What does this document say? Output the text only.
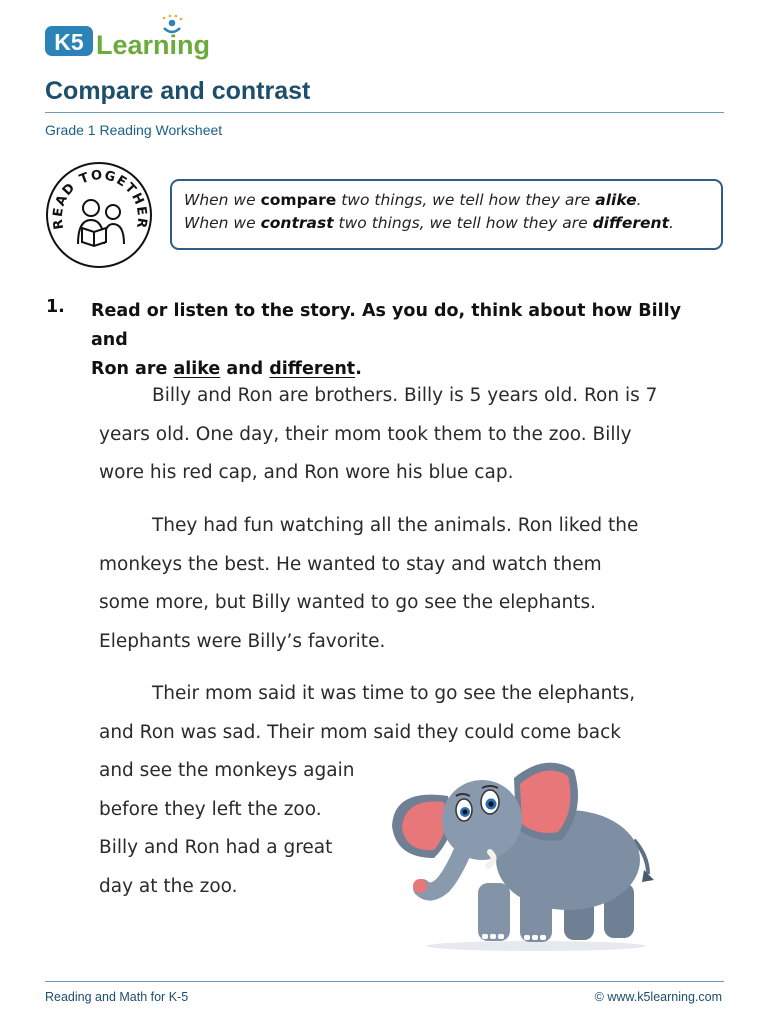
K5 Learning
Compare and contrast
Grade 1 Reading Worksheet
READ TOGETHER
When we compare two things, we tell how they are alike.
When we contrast two things, we tell how they are different.
1. Read or listen to the story. As you do, think about how Billy and
Ron are alike and different.
Billy and Ron are brothers. Billy is 5 years old. Ron is 7
years old. One day, their mom took them to the zoo. Billy
wore his red cap, and Ron wore his blue cap.
They had fun watching all the animals. Ron liked the
monkeys the best. He wanted to stay and watch them
some more, but Billy wanted to go see the elephants.
Elephants were Billy’s favorite.
Their mom said it was time to go see the elephants,
and Ron was sad. Their mom said they could come back
and see the monkeys again
before they left the zoo.
Billy and Ron had a great
day at the zoo.
Reading and Math for K-5	© www.k5learning.com
